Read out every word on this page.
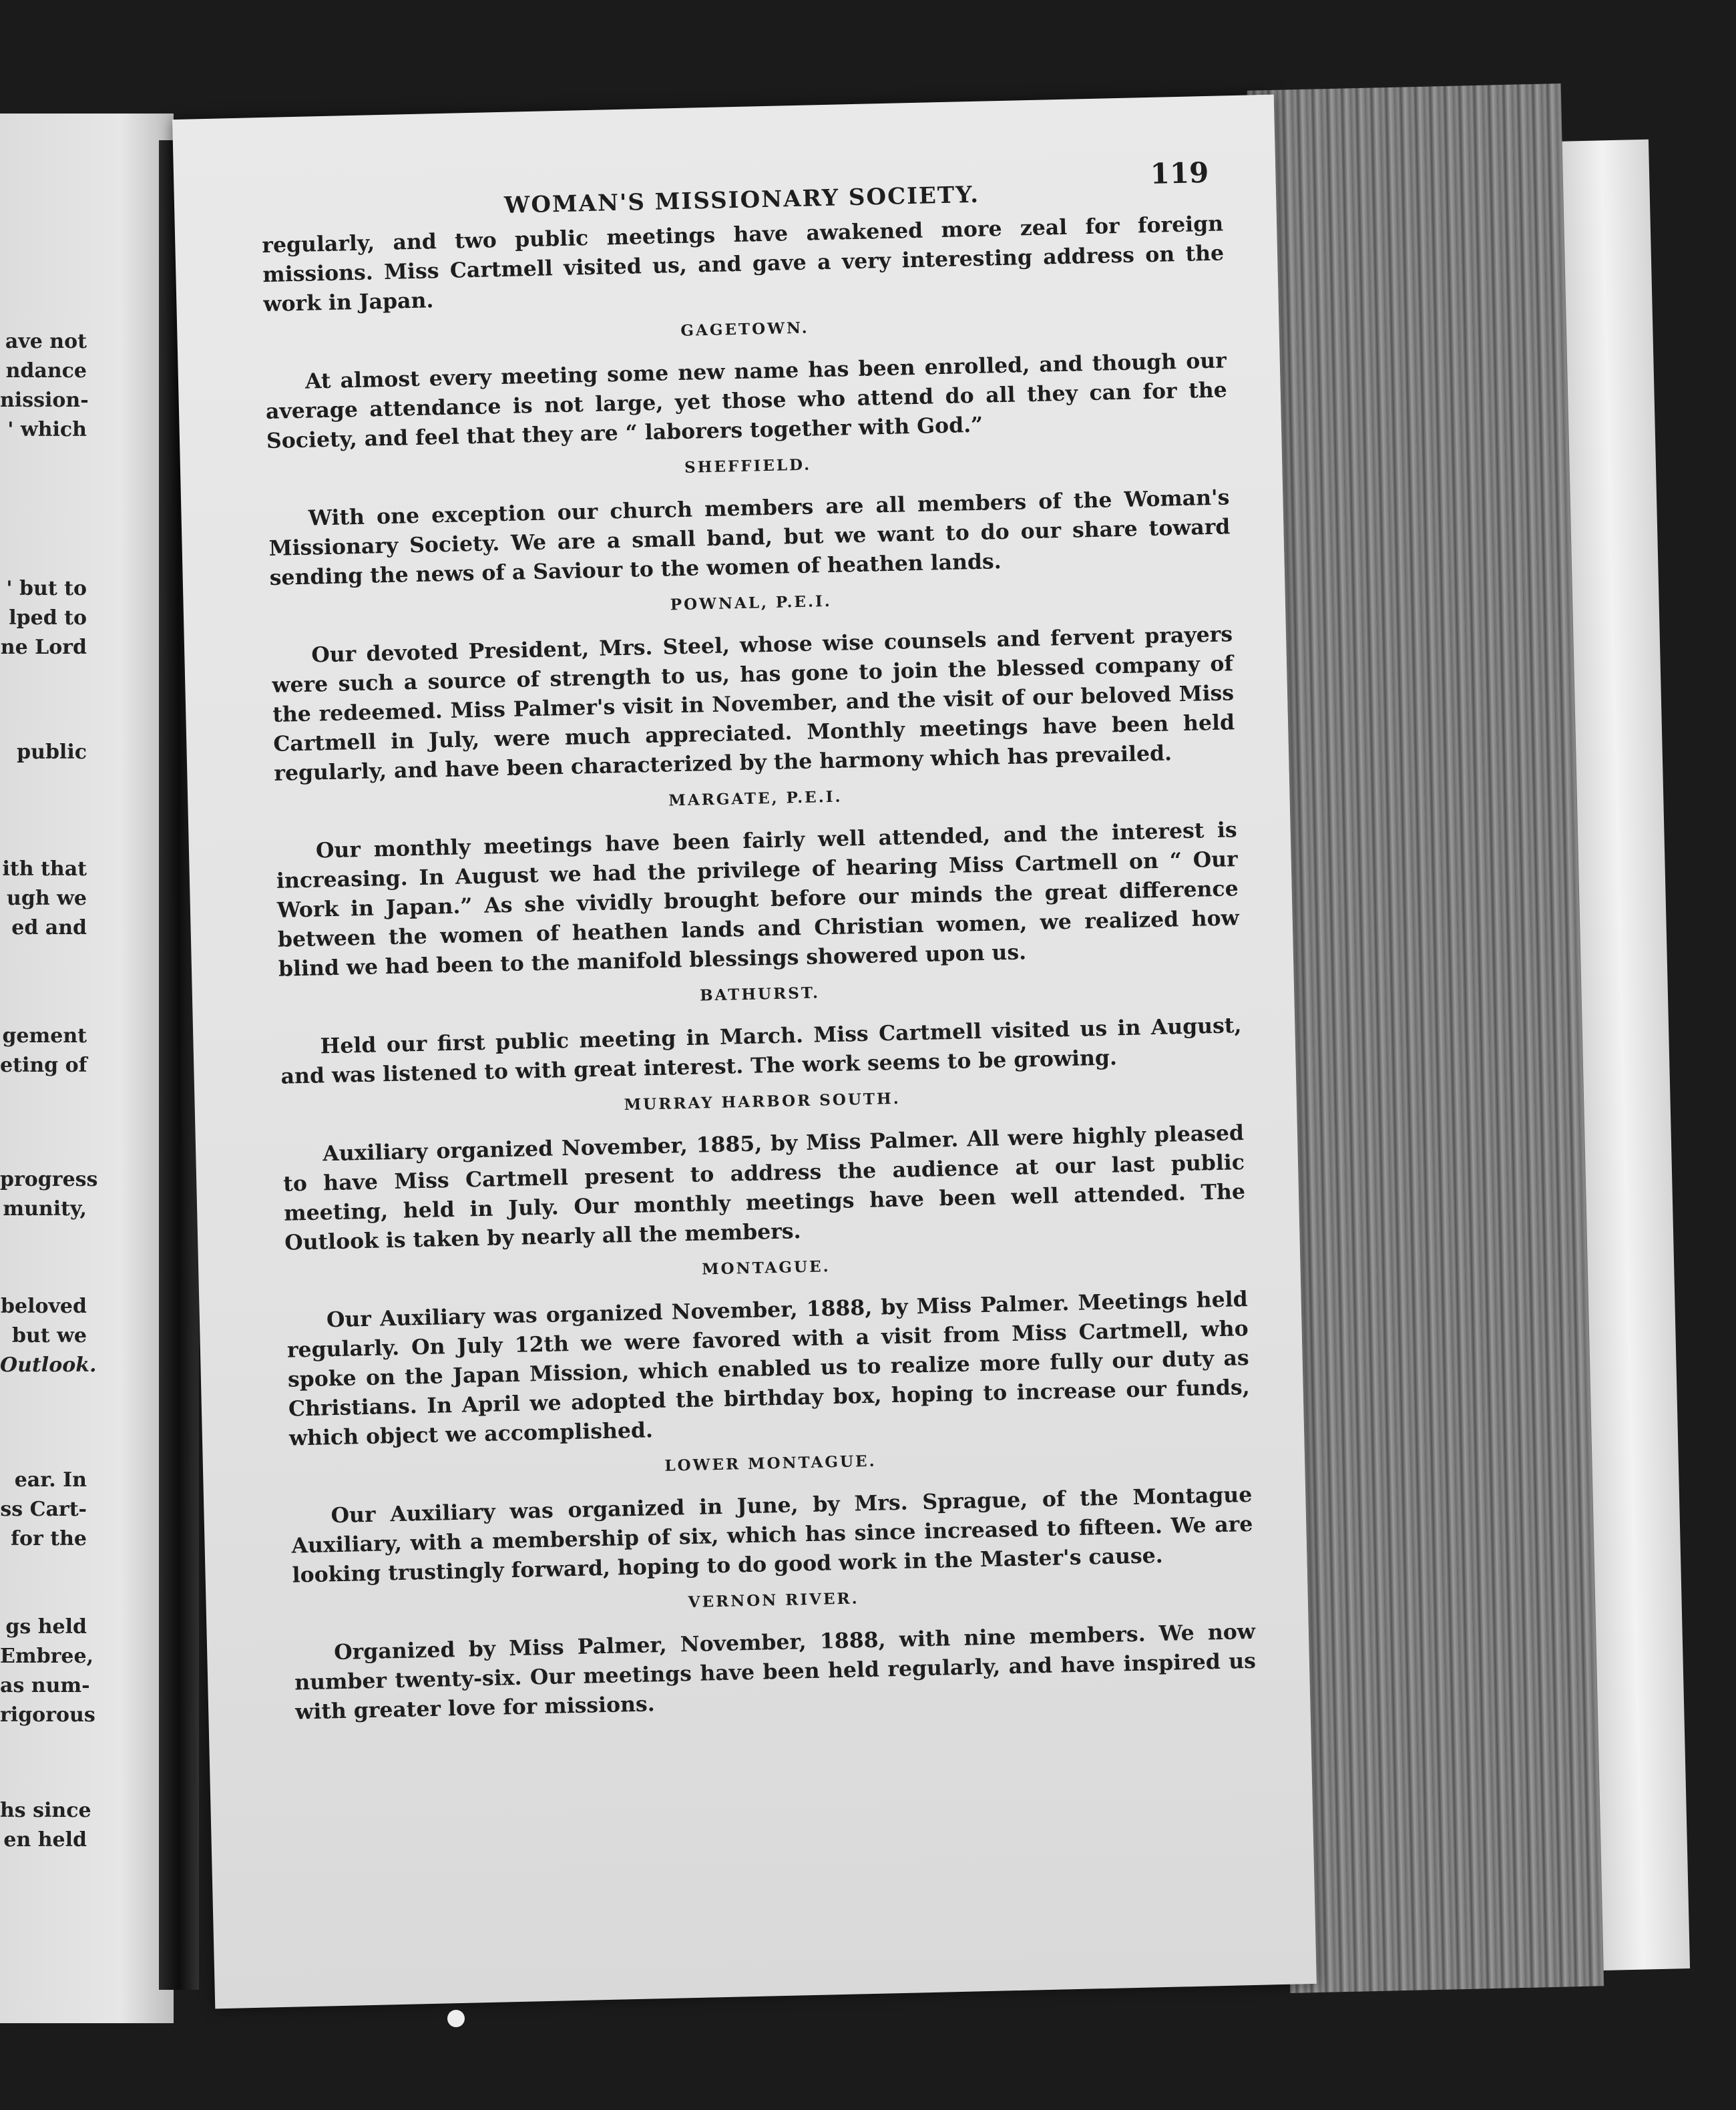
ave not
ndance
nission-
' which
' but to
lped to
ne Lord
public
ith that
ugh we
ed and
gement
eting of
progress
munity,
beloved
but we
Outlook.
ear. In
ss Cart-
for the
gs held
Embree,
as num-
rigorous
hs since
en held
WOMAN'S MISSIONARY SOCIETY.
119

regularly, and two public meetings have awakened more zeal for foreign missions. Miss Cartmell visited us, and gave a very interesting address on the work in Japan.

GAGETOWN.

At almost every meeting some new name has been enrolled, and though our average attendance is not large, yet those who attend do all they can for the Society, and feel that they are “ laborers together with God.”

SHEFFIELD.

With one exception our church members are all members of the Woman's Missionary Society. We are a small band, but we want to do our share toward sending the news of a Saviour to the women of heathen lands.

POWNAL, P.E.I.

Our devoted President, Mrs. Steel, whose wise counsels and fervent prayers were such a source of strength to us, has gone to join the blessed company of the redeemed. Miss Palmer's visit in November, and the visit of our beloved Miss Cartmell in July, were much appreciated. Monthly meetings have been held regularly, and have been characterized by the harmony which has prevailed.

MARGATE, P.E.I.

Our monthly meetings have been fairly well attended, and the interest is increasing. In August we had the privilege of hearing Miss Cartmell on “ Our Work in Japan.” As she vividly brought before our minds the great difference between the women of heathen lands and Christian women, we realized how blind we had been to the manifold blessings showered upon us.

BATHURST.

Held our first public meeting in March. Miss Cartmell visited us in August, and was listened to with great interest. The work seems to be growing.

MURRAY HARBOR SOUTH.

Auxiliary organized November, 1885, by Miss Palmer. All were highly pleased to have Miss Cartmell present to address the audience at our last public meeting, held in July. Our monthly meetings have been well attended. The Outlook is taken by nearly all the members.

MONTAGUE.

Our Auxiliary was organized November, 1888, by Miss Palmer. Meetings held regularly. On July 12th we were favored with a visit from Miss Cartmell, who spoke on the Japan Mission, which enabled us to realize more fully our duty as Christians. In April we adopted the birthday box, hoping to increase our funds, which object we accomplished.

LOWER MONTAGUE.

Our Auxiliary was organized in June, by Mrs. Sprague, of the Montague Auxiliary, with a membership of six, which has since increased to fifteen. We are looking trustingly forward, hoping to do good work in the Master's cause.

VERNON RIVER.

Organized by Miss Palmer, November, 1888, with nine members. We now number twenty-six. Our meetings have been held regularly, and have inspired us with greater love for missions.
